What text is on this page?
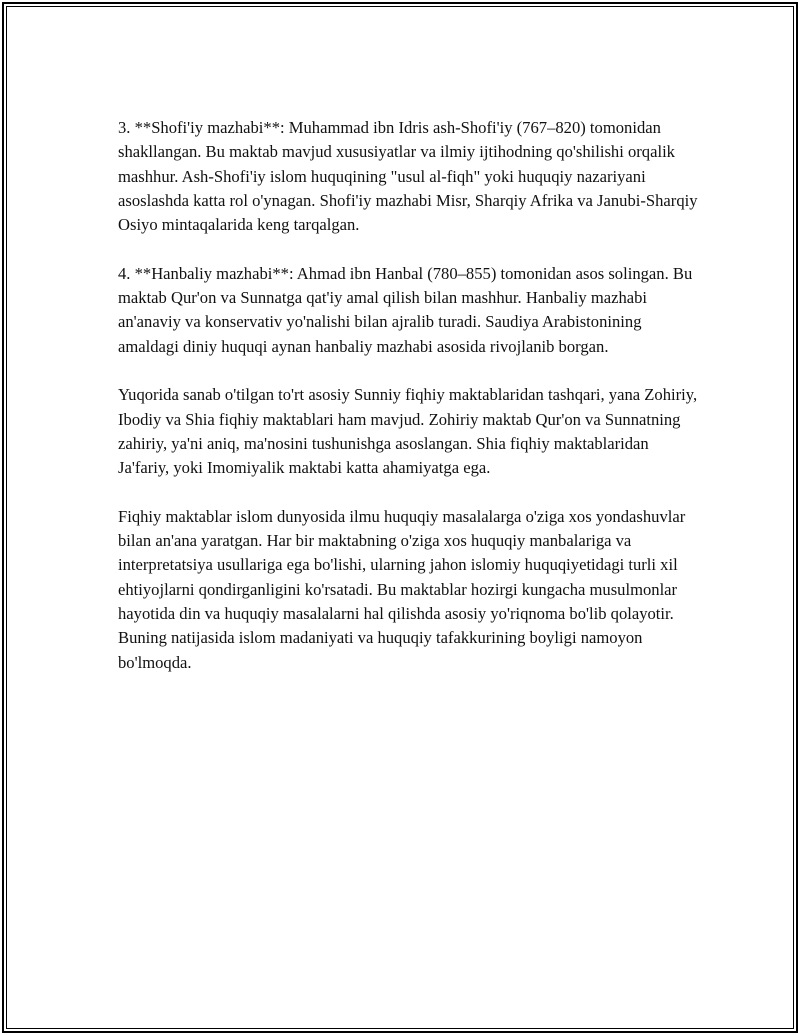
3. **Shofi'iy mazhabi**: Muhammad ibn Idris ash-Shofi'iy (767–820) tomonidan shakllangan. Bu maktab mavjud xususiyatlar va ilmiy ijtihodning qo'shilishi orqalik mashhur. Ash-Shofi'iy islom huquqining "usul al-fiqh" yoki huquqiy nazariyani asoslashda katta rol o'ynagan. Shofi'iy mazhabi Misr, Sharqiy Afrika va Janubi-Sharqiy Osiyo mintaqalarida keng tarqalgan.

4. **Hanbaliy mazhabi**: Ahmad ibn Hanbal (780–855) tomonidan asos solingan. Bu maktab Qur'on va Sunnatga qat'iy amal qilish bilan mashhur. Hanbaliy mazhabi an'anaviy va konservativ yo'nalishi bilan ajralib turadi. Saudiya Arabistonining amaldagi diniy huquqi aynan hanbaliy mazhabi asosida rivojlanib borgan.

Yuqorida sanab o'tilgan to'rt asosiy Sunniy fiqhiy maktablaridan tashqari, yana Zohiriy, Ibodiy va Shia fiqhiy maktablari ham mavjud. Zohiriy maktab Qur'on va Sunnatning zahiriy, ya'ni aniq, ma'nosini tushunishga asoslangan. Shia fiqhiy maktablaridan Ja'fariy, yoki Imomiyalik maktabi katta ahamiyatga ega.

Fiqhiy maktablar islom dunyosida ilmu huquqiy masalalarga o'ziga xos yondashuvlar bilan an'ana yaratgan. Har bir maktabning o'ziga xos huquqiy manbalariga va interpretatsiya usullariga ega bo'lishi, ularning jahon islomiy huquqiyetidagi turli xil ehtiyojlarni qondirganligini ko'rsatadi. Bu maktablar hozirgi kungacha musulmonlar hayotida din va huquqiy masalalarni hal qilishda asosiy yo'riqnoma bo'lib qolayotir. Buning natijasida islom madaniyati va huquqiy tafakkurining boyligi namoyon bo'lmoqda.
